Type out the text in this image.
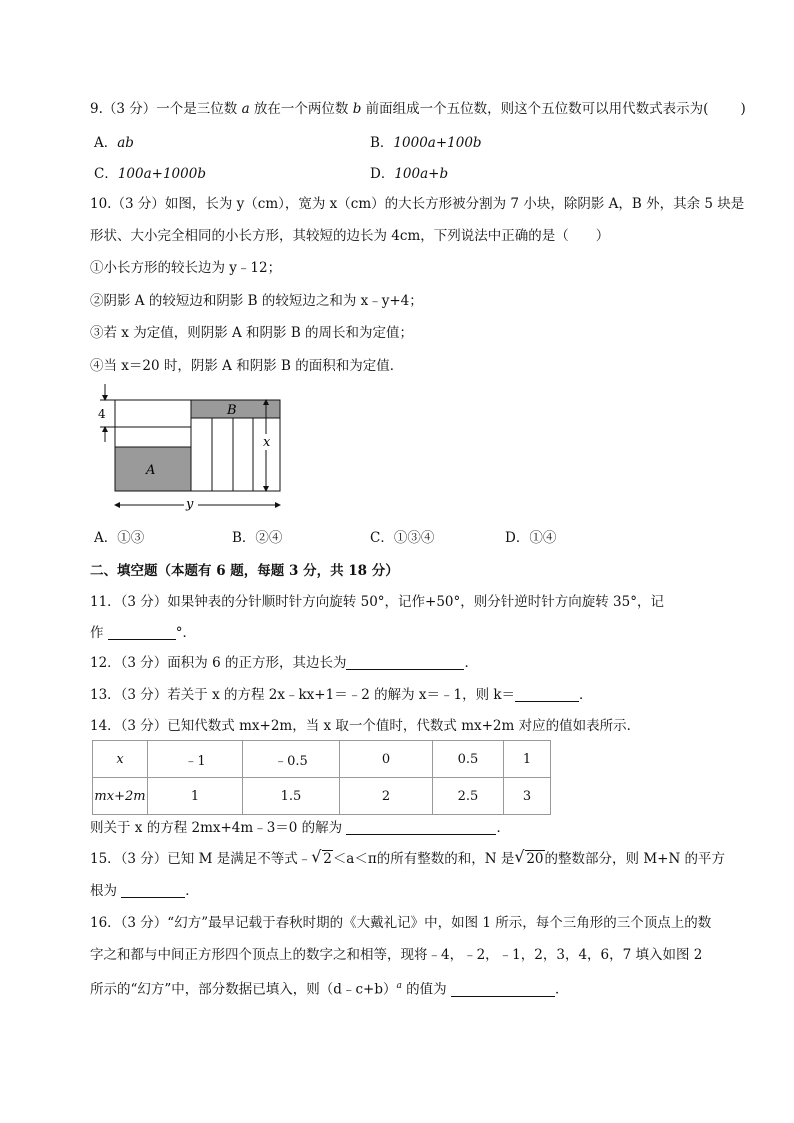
9.（3 分）一个是三位数 a 放在一个两位数 b 前面组成一个五位数，则这个五位数可以用代数式表示为( )
A．ab	B．1000a+100b
C．100a+1000b	D．100a+b
10.（3 分）如图，长为 y（cm），宽为 x（cm）的大长方形被分割为 7 小块，除阴影 A，B 外，其余 5 块是
形状、大小完全相同的小长方形，其较短的边长为 4cm，下列说法中正确的是（　　）
①小长方形的较长边为 y﹣12；
②阴影 A 的较短边和阴影 B 的较短边之和为 x﹣y+4；
③若 x 为定值，则阴影 A 和阴影 B 的周长和为定值；
④当 x＝20 时，阴影 A 和阴影 B 的面积和为定值．
4
A
B
x
y
A．①③	B．②④	C．①③④	D．①④
二、填空题（本题有 6 题，每题 3 分，共 18 分）
11．（3 分）如果钟表的分针顺时针方向旋转 50°，记作+50°，则分针逆时针方向旋转 35°，记
作	°．
12．（3 分）面积为 6 的正方形，其边长为	．
13．（3 分）若关于 x 的方程 2x﹣kx+1＝﹣2 的解为 x＝﹣1，则 k＝	．
14．（3 分）已知代数式 mx+2m，当 x 取一个值时，代数式 mx+2m 对应的值如表所示．
x	﹣1	﹣0.5	0	0.5	1
mx+2m	1	1.5	2	2.5	3
则关于 x 的方程 2mx+4m﹣3＝0 的解为	．
15．（3 分）已知 M 是满足不等式﹣ √ 2＜a＜π的所有整数的和，N 是 √ 20的整数部分，则 M+N 的平方
根为	．
16．（3 分）“幻方”最早记载于春秋时期的《大戴礼记》中，如图 1 所示，每个三角形的三个顶点上的数
字之和都与中间正方形四个顶点上的数字之和相等，现将﹣4，﹣2，﹣1，2，3，4，6，7 填入如图 2
所示的“幻方”中，部分数据已填入，则（d﹣c+b）$^a$ 的值为	．
